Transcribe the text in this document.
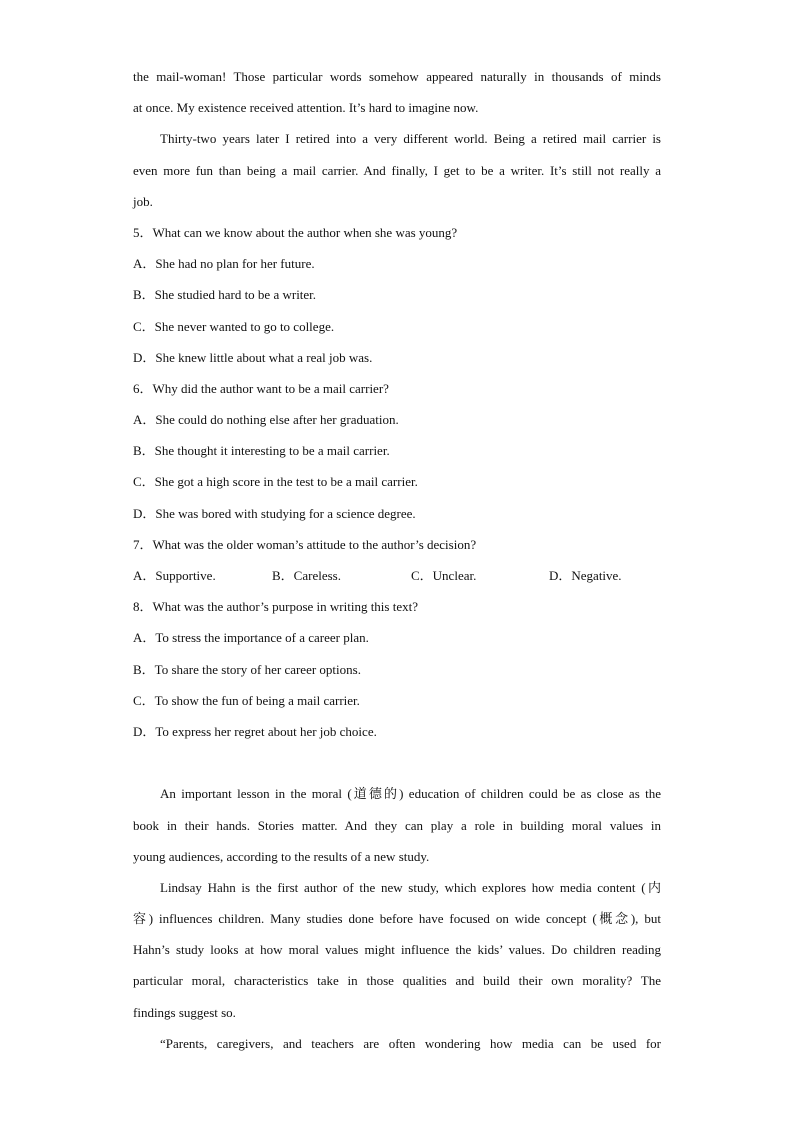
the mail-woman! Those particular words somehow appeared naturally in thousands of minds
at once. My existence received attention. It’s hard to imagine now.
Thirty-two years later I retired into a very different world. Being a retired mail carrier is
even more fun than being a mail carrier. And finally, I get to be a writer. It’s still not really a
job.
5．What can we know about the author when she was young?
A．She had no plan for her future.
B．She studied hard to be a writer.
C．She never wanted to go to college.
D．She knew little about what a real job was.
6．Why did the author want to be a mail carrier?
A．She could do nothing else after her graduation.
B．She thought it interesting to be a mail carrier.
C．She got a high score in the test to be a mail carrier.
D．She was bored with studying for a science degree.
7．What was the older woman’s attitude to the author’s decision?
A．Supportive.	B．Careless.	C．Unclear.	D．Negative.
8．What was the author’s purpose in writing this text?
A．To stress the importance of a career plan.
B．To share the story of her career options.
C．To show the fun of being a mail carrier.
D．To express her regret about her job choice.
An important lesson in the moral (道德的) education of children could be as close as the
book in their hands. Stories matter. And they can play a role in building moral values in
young audiences, according to the results of a new study.
Lindsay Hahn is the first author of the new study, which explores how media content (内
容) influences children. Many studies done before have focused on wide concept (概念), but
Hahn’s study looks at how moral values might influence the kids’ values. Do children reading
particular moral, characteristics take in those qualities and build their own morality? The
findings suggest so.
“Parents, caregivers, and teachers are often wondering how media can be used for
